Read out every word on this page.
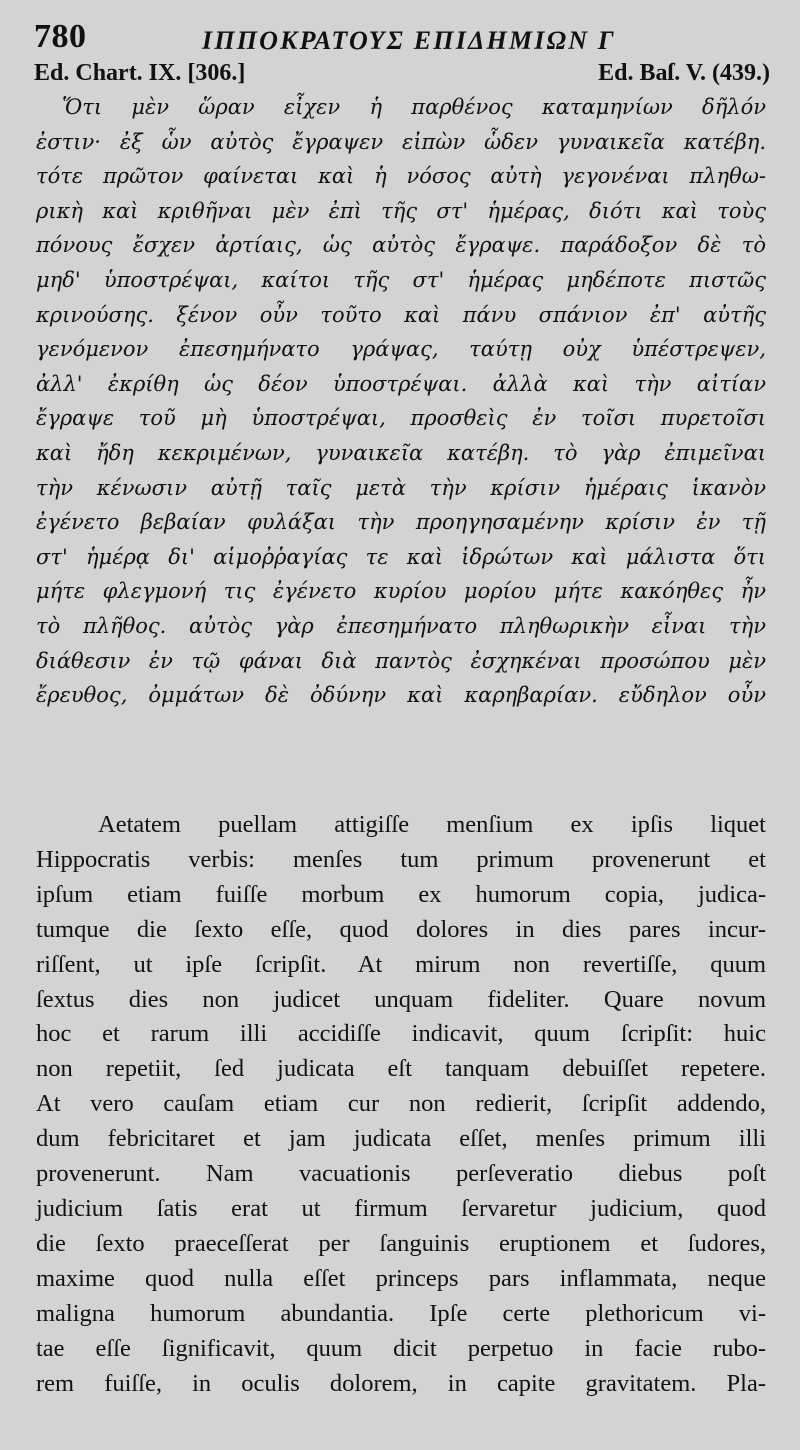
780	ΙΠΠΟΚΡΑΤΟΥΣ ΕΠΙΔΗΜΙΩΝ Γ
Ed. Chart. IX. [306.]	Ed. Baſ. V. (439.)
Ὅτι μὲν ὥραν εἶχεν ἡ παρθένος καταμηνίων δῆλόν
ἐστιν· ἐξ ὧν αὐτὸς ἔγραψεν εἰπὼν ὧδεν γυναικεῖα κατέβη.
τότε πρῶτον φαίνεται καὶ ἡ νόσος αὐτὴ γεγονέναι πληθω-
ρικὴ καὶ κριθῆναι μὲν ἐπὶ τῆς στ' ἡμέρας, διότι καὶ τοὺς
πόνους ἔσχεν ἀρτίαις, ὡς αὐτὸς ἔγραψε. παράδοξον δὲ τὸ
μηδ' ὑποστρέψαι, καίτοι τῆς στ' ἡμέρας μηδέποτε πιστῶς
κρινούσης. ξένον οὖν τοῦτο καὶ πάνυ σπάνιον ἐπ' αὐτῆς
γενόμενον ἐπεσημήνατο γράψας, ταύτῃ οὐχ ὑπέστρεψεν,
ἀλλ' ἐκρίθη ὡς δέον ὑποστρέψαι. ἀλλὰ καὶ τὴν αἰτίαν
ἔγραψε τοῦ μὴ ὑποστρέψαι, προσθεὶς ἐν τοῖσι πυρετοῖσι
καὶ ἤδη κεκριμένων, γυναικεῖα κατέβη. τὸ γὰρ ἐπιμεῖναι
τὴν κένωσιν αὐτῇ ταῖς μετὰ τὴν κρίσιν ἡμέραις ἱκανὸν
ἐγένετο βεβαίαν φυλάξαι τὴν προηγησαμένην κρίσιν ἐν τῇ
στ' ἡμέρᾳ δι' αἱμοῤῥαγίας τε καὶ ἱδρώτων καὶ μάλιστα ὅτι
μήτε φλεγμονή τις ἐγένετο κυρίου μορίου μήτε κακόηθες ἦν
τὸ πλῆθος. αὐτὸς γὰρ ἐπεσημήνατο πληθωρικὴν εἶναι τὴν
διάθεσιν ἐν τῷ φάναι διὰ παντὸς ἐσχηκέναι προσώπου μὲν
ἔρευθος, ὀμμάτων δὲ ὀδύνην καὶ καρηβαρίαν. εὔδηλον οὖν
Aetatem puellam attigiſſe menſium ex ipſis liquet
Hippocratis verbis: menſes tum primum provenerunt et
ipſum etiam fuiſſe morbum ex humorum copia, judica-
tumque die ſexto eſſe, quod dolores in dies pares incur-
riſſent, ut ipſe ſcripſit. At mirum non revertiſſe, quum
ſextus dies non judicet unquam fideliter. Quare novum
hoc et rarum illi accidiſſe indicavit, quum ſcripſit: huic
non repetiit, ſed judicata eſt tanquam debuiſſet repetere.
At vero cauſam etiam cur non redierit, ſcripſit addendo,
dum febricitaret et jam judicata eſſet, menſes primum illi
provenerunt. Nam vacuationis perſeveratio diebus poſt
judicium ſatis erat ut firmum ſervaretur judicium, quod
die ſexto praeceſſerat per ſanguinis eruptionem et ſudores,
maxime quod nulla eſſet princeps pars inflammata, neque
maligna humorum abundantia. Ipſe certe plethoricum vi-
tae eſſe ſignificavit, quum dicit perpetuo in facie rubo-
rem fuiſſe, in oculis dolorem, in capite gravitatem. Pla-
